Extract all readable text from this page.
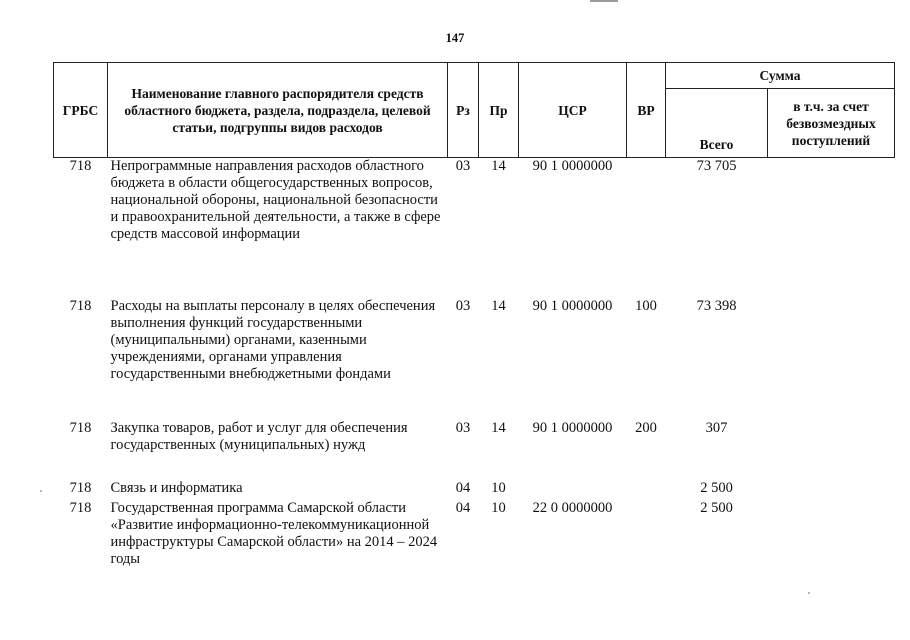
147
ГРБС	Наименование главного распорядителя средств областного бюджета, раздела, подраздела, целевой статьи, подгруппы видов расходов	Рз	Пр	ЦСР	ВР	Сумма	
						Всего	в т.ч. за счет безвозмездных поступлений
718	Непрограммные направления расходов областного бюджета в области общегосударственных вопросов, национальной обороны, национальной безопасности и правоохранительной деятельности, а также в сфере средств массовой информации	03	14	90 1 0000000		73 705	
718	Расходы на выплаты персоналу в целях обеспечения выполнения функций государственными (муниципальными) органами, казенными учреждениями, органами управления государственными внебюджетными фондами	03	14	90 1 0000000	100	73 398	
718	Закупка товаров, работ и услуг для обеспечения государственных (муниципальных) нужд	03	14	90 1 0000000	200	307	
718	Связь и информатика	04	10			2 500	
718	Государственная программа Самарской области «Развитие информационно-телекоммуникационной инфраструктуры Самарской области» на 2014 – 2024 годы	04	10	22 0 0000000		2 500	
